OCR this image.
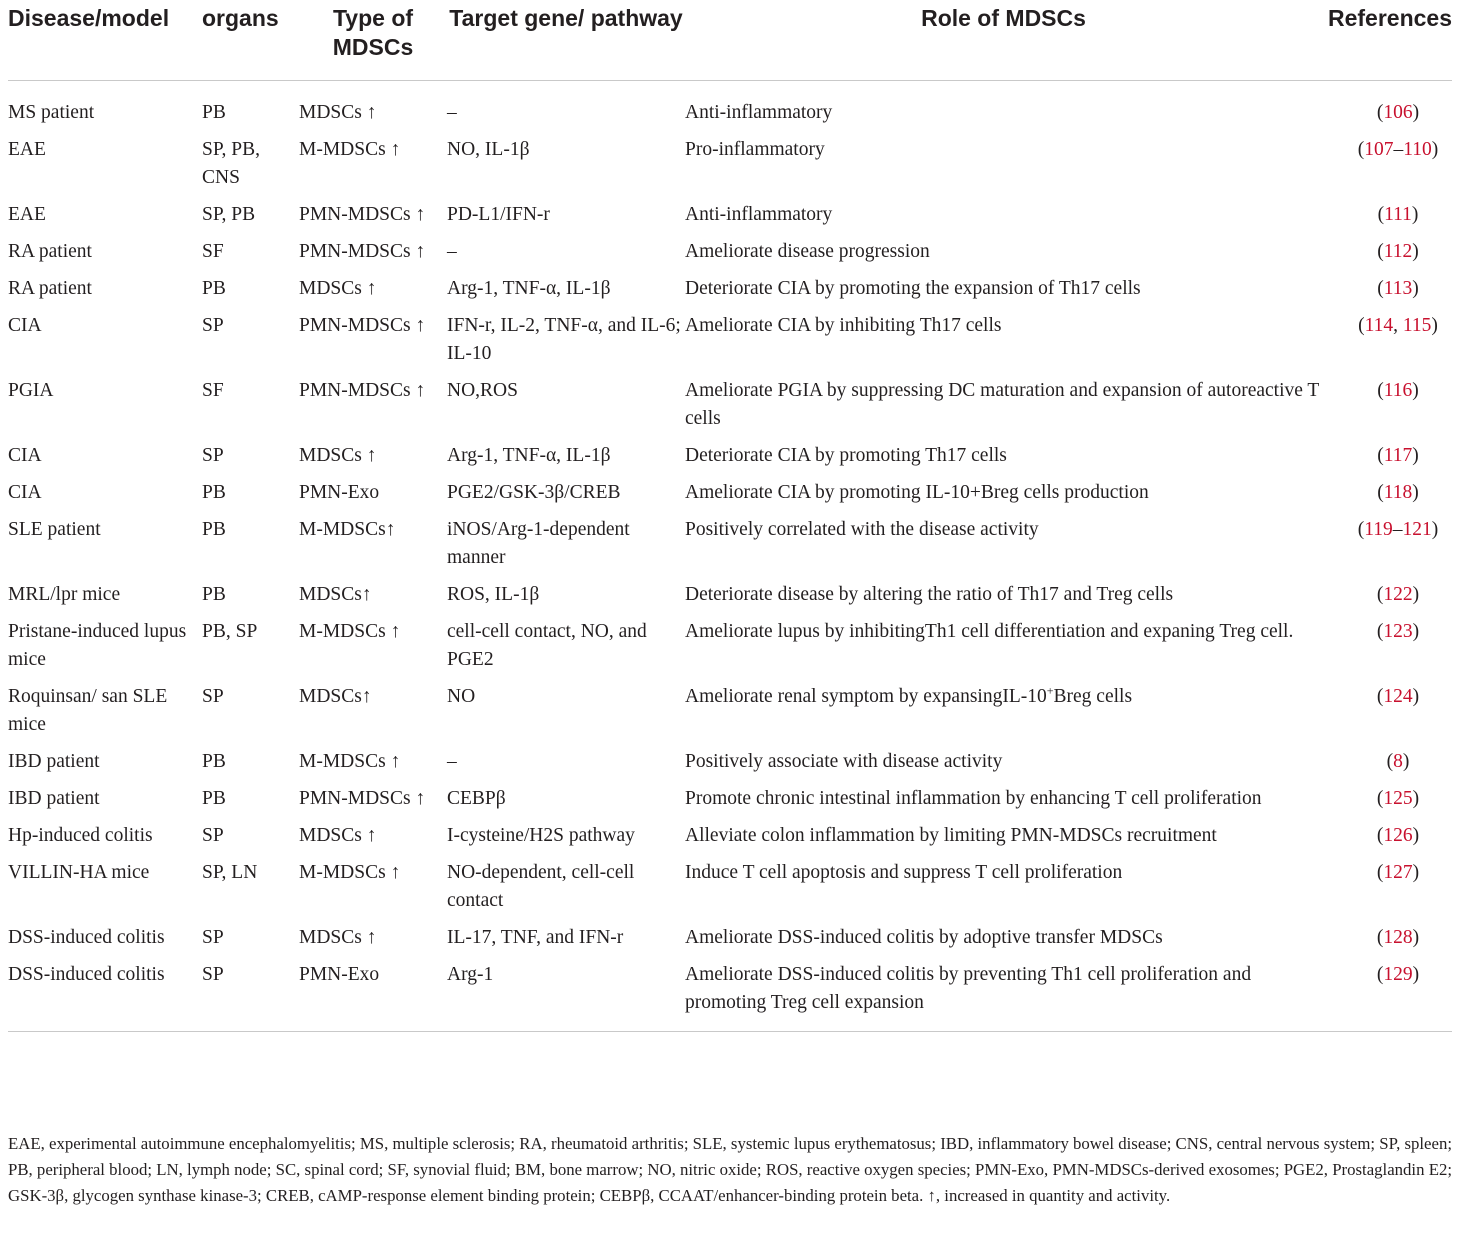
Disease/model	organs	Type of MDSCs	Target gene/ pathway	Role of MDSCs	References
MS patient	PB	MDSCs ↑	–	Anti-inflammatory	(106)
EAE	SP, PB, CNS	M-MDSCs ↑	NO, IL-1β	Pro-inflammatory	(107–110)
EAE	SP, PB	PMN-MDSCs ↑	PD-L1/IFN-r	Anti-inflammatory	(111)
RA patient	SF	PMN-MDSCs ↑	–	Ameliorate disease progression	(112)
RA patient	PB	MDSCs ↑	Arg-1, TNF-α, IL-1β	Deteriorate CIA by promoting the expansion of Th17 cells	(113)
CIA	SP	PMN-MDSCs ↑	IFN-r, IL-2, TNF-α, and IL-6; IL-10	Ameliorate CIA by inhibiting Th17 cells	(114, 115)
PGIA	SF	PMN-MDSCs ↑	NO,ROS	Ameliorate PGIA by suppressing DC maturation and expansion of autoreactive T cells	(116)
CIA	SP	MDSCs ↑	Arg-1, TNF-α, IL-1β	Deteriorate CIA by promoting Th17 cells	(117)
CIA	PB	PMN-Exo	PGE2/GSK-3β/CREB	Ameliorate CIA by promoting IL-10+Breg cells production	(118)
SLE patient	PB	M-MDSCs↑	iNOS/Arg-1-dependent manner	Positively correlated with the disease activity	(119–121)
MRL/lpr mice	PB	MDSCs↑	ROS, IL-1β	Deteriorate disease by altering the ratio of Th17 and Treg cells	(122)
Pristane-induced lupus mice	PB, SP	M-MDSCs ↑	cell-cell contact, NO, and PGE2	Ameliorate lupus by inhibitingTh1 cell differentiation and expaning Treg cell.	(123)
Roquinsan/ san SLE mice	SP	MDSCs↑	NO	Ameliorate renal symptom by expansingIL-10+Breg cells	(124)
IBD patient	PB	M-MDSCs ↑	–	Positively associate with disease activity	(8)
IBD patient	PB	PMN-MDSCs ↑	CEBPβ	Promote chronic intestinal inflammation by enhancing T cell proliferation	(125)
Hp-induced colitis	SP	MDSCs ↑	I-cysteine/H2S pathway	Alleviate colon inflammation by limiting PMN-MDSCs recruitment	(126)
VILLIN-HA mice	SP, LN	M-MDSCs ↑	NO-dependent, cell-cell contact	Induce T cell apoptosis and suppress T cell proliferation	(127)
DSS-induced colitis	SP	MDSCs ↑	IL-17, TNF, and IFN-r	Ameliorate DSS-induced colitis by adoptive transfer MDSCs	(128)
DSS-induced colitis	SP	PMN-Exo	Arg-1	Ameliorate DSS-induced colitis by preventing Th1 cell proliferation and promoting Treg cell expansion	(129)
EAE, experimental autoimmune encephalomyelitis; MS, multiple sclerosis; RA, rheumatoid arthritis; SLE, systemic lupus erythematosus; IBD, inflammatory bowel disease; CNS, central nervous system; SP, spleen; PB, peripheral blood; LN, lymph node; SC, spinal cord; SF, synovial fluid; BM, bone marrow; NO, nitric oxide; ROS, reactive oxygen species; PMN-Exo, PMN-MDSCs-derived exosomes; PGE2, Prostaglandin E2; GSK-3β, glycogen synthase kinase-3; CREB, cAMP-response element binding protein; CEBPβ, CCAAT/enhancer-binding protein beta. ↑, increased in quantity and activity.
